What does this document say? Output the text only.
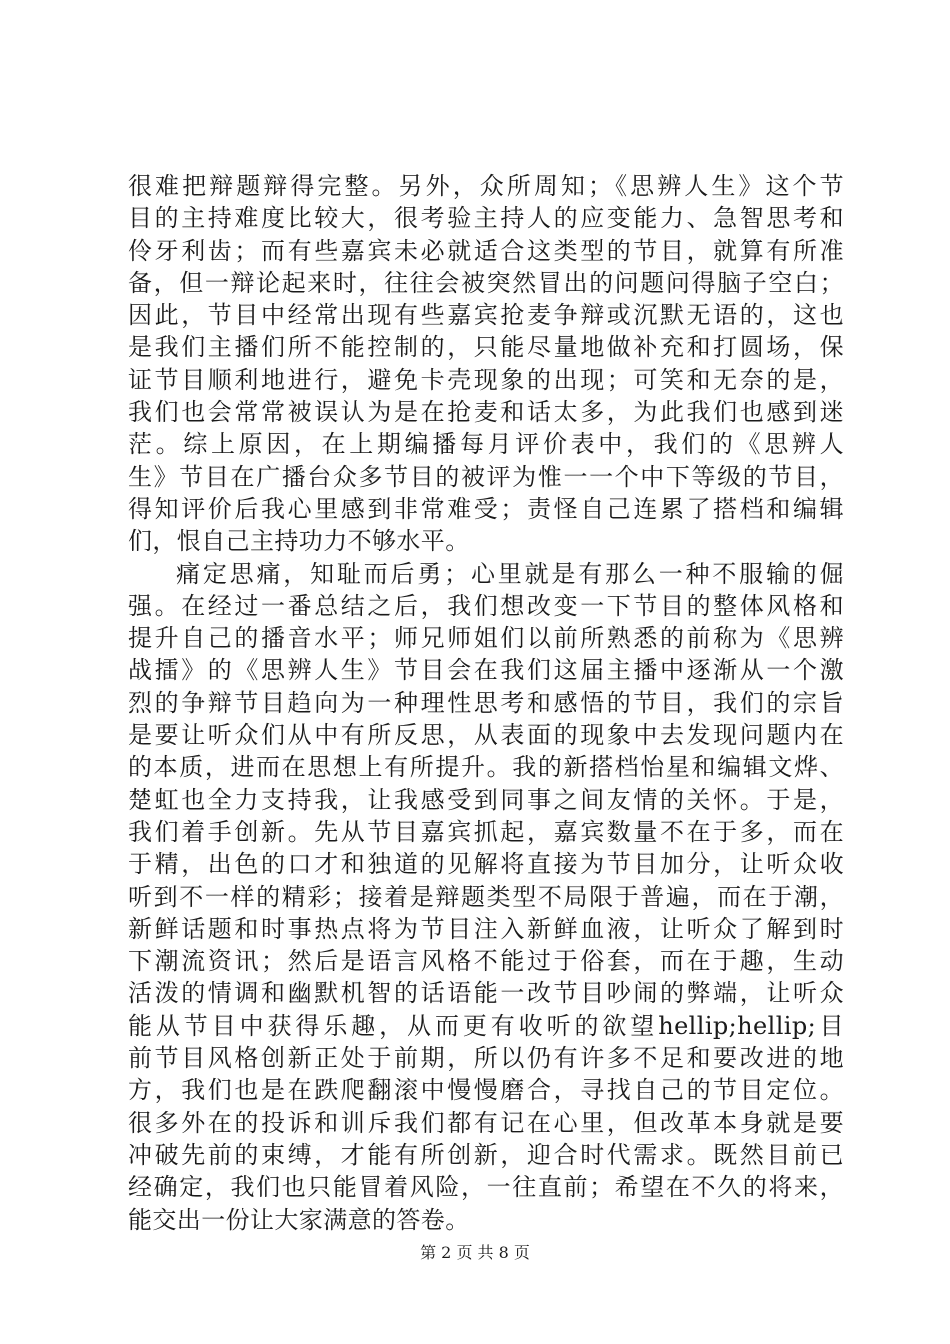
很难把辩题辩得完整。另外，众所周知；《思辨人生》这个节
目的主持难度比较大，很考验主持人的应变能力、急智思考和
伶牙利齿；而有些嘉宾未必就适合这类型的节目，就算有所准
备，但一辩论起来时，往往会被突然冒出的问题问得脑子空白；
因此，节目中经常出现有些嘉宾抢麦争辩或沉默无语的，这也
是我们主播们所不能控制的，只能尽量地做补充和打圆场，保
证节目顺利地进行，避免卡壳现象的出现；可笑和无奈的是，
我们也会常常被误认为是在抢麦和话太多，为此我们也感到迷
茫。综上原因，在上期编播每月评价表中，我们的《思辨人
生》节目在广播台众多节目的被评为惟一一个中下等级的节目，
得知评价后我心里感到非常难受；责怪自己连累了搭档和编辑
们，恨自己主持功力不够水平。
痛定思痛，知耻而后勇；心里就是有那么一种不服输的倔
强。在经过一番总结之后，我们想改变一下节目的整体风格和
提升自己的播音水平；师兄师姐们以前所熟悉的前称为《思辨
战擂》的《思辨人生》节目会在我们这届主播中逐渐从一个激
烈的争辩节目趋向为一种理性思考和感悟的节目，我们的宗旨
是要让听众们从中有所反思，从表面的现象中去发现问题内在
的本质，进而在思想上有所提升。我的新搭档怡星和编辑文烨、
楚虹也全力支持我，让我感受到同事之间友情的关怀。于是，
我们着手创新。先从节目嘉宾抓起，嘉宾数量不在于多，而在
于精，出色的口才和独道的见解将直接为节目加分，让听众收
听到不一样的精彩；接着是辩题类型不局限于普遍，而在于潮，
新鲜话题和时事热点将为节目注入新鲜血液，让听众了解到时
下潮流资讯；然后是语言风格不能过于俗套，而在于趣，生动
活泼的情调和幽默机智的话语能一改节目吵闹的弊端，让听众
能从节目中获得乐趣，从而更有收听的欲望hellip;hellip;目
前节目风格创新正处于前期，所以仍有许多不足和要改进的地
方，我们也是在跌爬翻滚中慢慢磨合，寻找自己的节目定位。
很多外在的投诉和训斥我们都有记在心里，但改革本身就是要
冲破先前的束缚，才能有所创新，迎合时代需求。既然目前已
经确定，我们也只能冒着风险，一往直前；希望在不久的将来，
能交出一份让大家满意的答卷。
第 2 页 共 8 页
